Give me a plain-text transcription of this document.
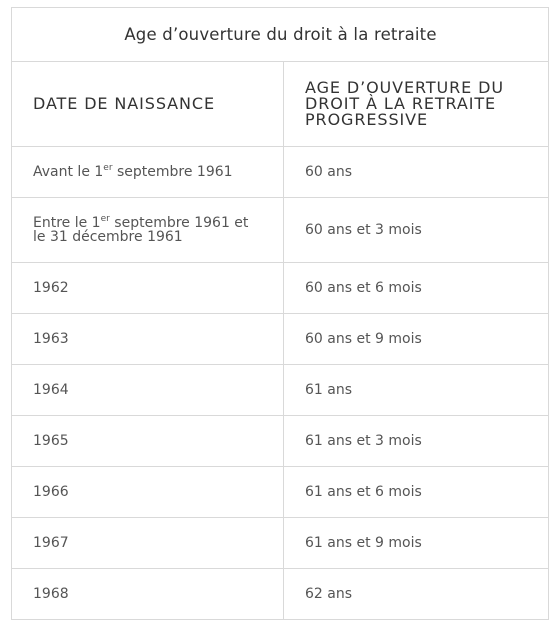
Age d’ouverture du droit à la retraite	
DATE DE NAISSANCE	AGE D’OUVERTURE DU DROIT À LA RETRAITE PROGRESSIVE
Avant le 1er septembre 1961	60 ans
Entre le 1er septembre 1961 et le 31 décembre 1961	60 ans et 3 mois
1962	60 ans et 6 mois
1963	60 ans et 9 mois
1964	61 ans
1965	61 ans et 3 mois
1966	61 ans et 6 mois
1967	61 ans et 9 mois
1968	62 ans
